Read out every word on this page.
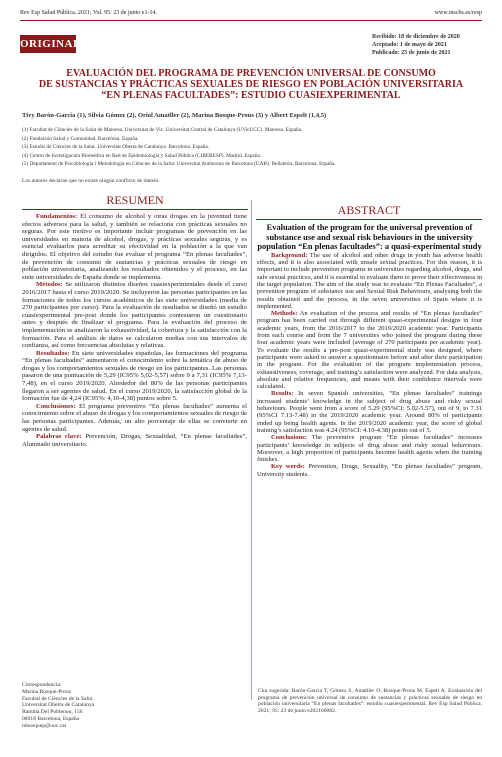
Rev Esp Salud Pública. 2021; Vol. 95: 23 de junio e1-14.	www.mscbs.es/resp
ORIGINAL
Recibido: 18 de diciembre de 2020
Aceptado: 1 de mayo de 2021
Publicado: 23 de junio de 2021
EVALUACIÓN DEL PROGRAMA DE PREVENCIÓN UNIVERSAL DE CONSUMO
DE SUSTANCIAS Y PRÁCTICAS SEXUALES DE RIESGO EN POBLACIÓN UNIVERSITARIA
“EN PLENAS FACULTADES”: ESTUDIO CUASIEXPERIMENTAL
Tivy Barón-Garcia (1), Silvia Gómez (2), Oriol Amatller (2), Marina Bosque-Prous (3) y Albert Espelt (1,4,5)
(1) Facultat de Ciències de la Salut de Manresa. Universitat de Vic. Universitat Central de Catalunya (UVicUCC). Manresa. España.
(2) Fundación Salud y Comunidad. Barcelona. España.
(3) Estudis de Ciències de la Salut. Universitat Oberta de Catalunya. Barcelona. España.
(4) Centro de Investigación Biomédica en Red de Epidemiología y Salud Pública (CIBERESP). Madrid. España.
(5) Departament de Psicobiologia i Metodologia en Ciències de la Salut. Universitat Autònoma de Barcelona (UAB). Bellaterra. Barcelona. España.
Los autores declaran que no existe ningún conflicto de interés.
RESUMEN
ABSTRACT

Fundamentos: El consumo de alcohol y otras drogas en la juventud tiene efectos adversos para la salud, y también se relaciona con prácticas sexuales no seguras. Por este motivo es importante incluir programas de prevención en las universidades en materia de alcohol, drogas, y prácticas sexuales seguras, y es esencial evaluarlos para acreditar su efectividad en la población a la que van dirigidos. El objetivo del estudio fue evaluar el programa “En plenas facultades”, de prevención de consumo de sustancias y prácticas sexuales de riesgo en población universitaria, analizando los resultados obtenidos y el proceso, en las siete universidades de España donde se implementa.

Métodos: Se utilizaron distintos diseños cuasiexperimentales desde el curso 2016/2017 hasta el curso 2019/2020. Se incluyeron las personas participantes en las formaciones de todos los cursos académicos de las siete universidades (media de 270 participantes por curso). Para la evaluación de resultados se diseñó un estudio cuasiexperimental pre-post donde los participantes contestaron un cuestionario antes y después de finalizar el programa. Para la evaluación del proceso de implementación se analizaron la exhaustividad, la cobertura y la satisfacción con la formación. Para el análisis de datos se calcularon medias con sus intervalos de confianza, así como frecuencias absolutas y relativas.

Resultados: En siete universidades españolas, las formaciones del programa “En plenas facultades” aumentaron el conocimiento sobre la temática de abuso de drogas y los comportamientos sexuales de riesgo en los participantes. Las personas pasaron de una puntuación de 5,29 (IC95% 5,02-5,57) sobre 9 a 7,31 (IC95% 7,13-7,48), en el curso 2019/2020. Alrededor del 80% de las personas participantes llegaron a ser agentes de salud. En el curso 2019/2020, la satisfacción global de la formación fue de 4,24 (IC95%: 4,10-4,38) puntos sobre 5.

Conclusiones: El programa preventivo “En plenas facultades” aumenta el conocimiento sobre el abuso de drogas y los comportamientos sexuales de riesgo de las personas participantes. Además, un alto porcentaje de ellas se convierte en agentes de salud.

Palabras clave: Prevención, Drogas, Sexualidad, “En plenas facultades”, Alumnado universitario.

Evaluation of the program for the universal prevention of substance use and sexual risk behaviours in the university population “En plenas facultades”: a quasi-experimental study

Background: The use of alcohol and other drugs in youth has adverse health effects, and it is also associated with unsafe sexual practices. For this reason, it is important to include prevention programs in universities regarding alcohol, drugs, and safe sexual practices, and it is essential to evaluate them to prove their effectiveness in the target population. The aim of the study was to evaluate “En Plenas Facultades”, a prevention program of substance use and Sexual Risk Behaviours, analysing both the results obtained and the process, in the seven universities of Spain where it is implemented.

Methods: An evaluation of the process and results of “En plenas facultades” program has been carried out through different quasi-experimental designs in four academic years, from the 2016/2017 to the 2019/2020 academic year. Participants from each course and from the 7 universities who joined the program during these four academic years were included (average of 270 participants per academic year). To evaluate the results a pre-post quasi-experimental study was designed, where participants were asked to answer a questionnaire before and after their participation in the program. For the evaluation of the program implementation process, exhaustiveness, coverage, and training’s satisfaction were analyzed. For data analysis, absolute and relative frequencies, and means with their confidence intervals were calculated.

Results: In seven Spanish universities, “En plenas facultades” trainings increased students’ knowledge in the subject of drug abuse and risky sexual behaviours. People went from a score of 5.29 (95%CI: 5.02-5.57), out of 9, to 7.31 (95%CI 7.13-7.48) in the 2019/2020 academic year. Around 80% of participants ended up being health agents. In the 2019/2020 academic year, the score of global training’s satisfaction was 4.24 (95%CI: 4.10-4.38) points out of 5.

Conclusions: The preventive program “En plenas facultades” increases participants’ knowledge in subjects of drug abuse and risky sexual behaviours. Moreover, a high proportion of participants become health agents when the training finishes.

Key words: Prevention, Drugs, Sexuality, “En plenas facultades” program, University students.

Correspondencia:
Marina Bosque-Prous
Facultat de Ciències de la Salut
Universitat Oberta de Catalunya
Rambla Del Poblenou, 156
08018 Barcelona, España
mbosquep@uoc.cat
Cita sugerida: Barón-Garcia T, Gómez S, Amatller O, Bosque-Prous M, Espelt A. Evaluación del programa de prevención universal de consumo de sustancias y prácticas sexuales de riesgo en población universitaria “En plenas facultades”: estudio cuasiexperimental. Rev Esp Salud Pública. 2021; 95: 23 de junio e202106082.
